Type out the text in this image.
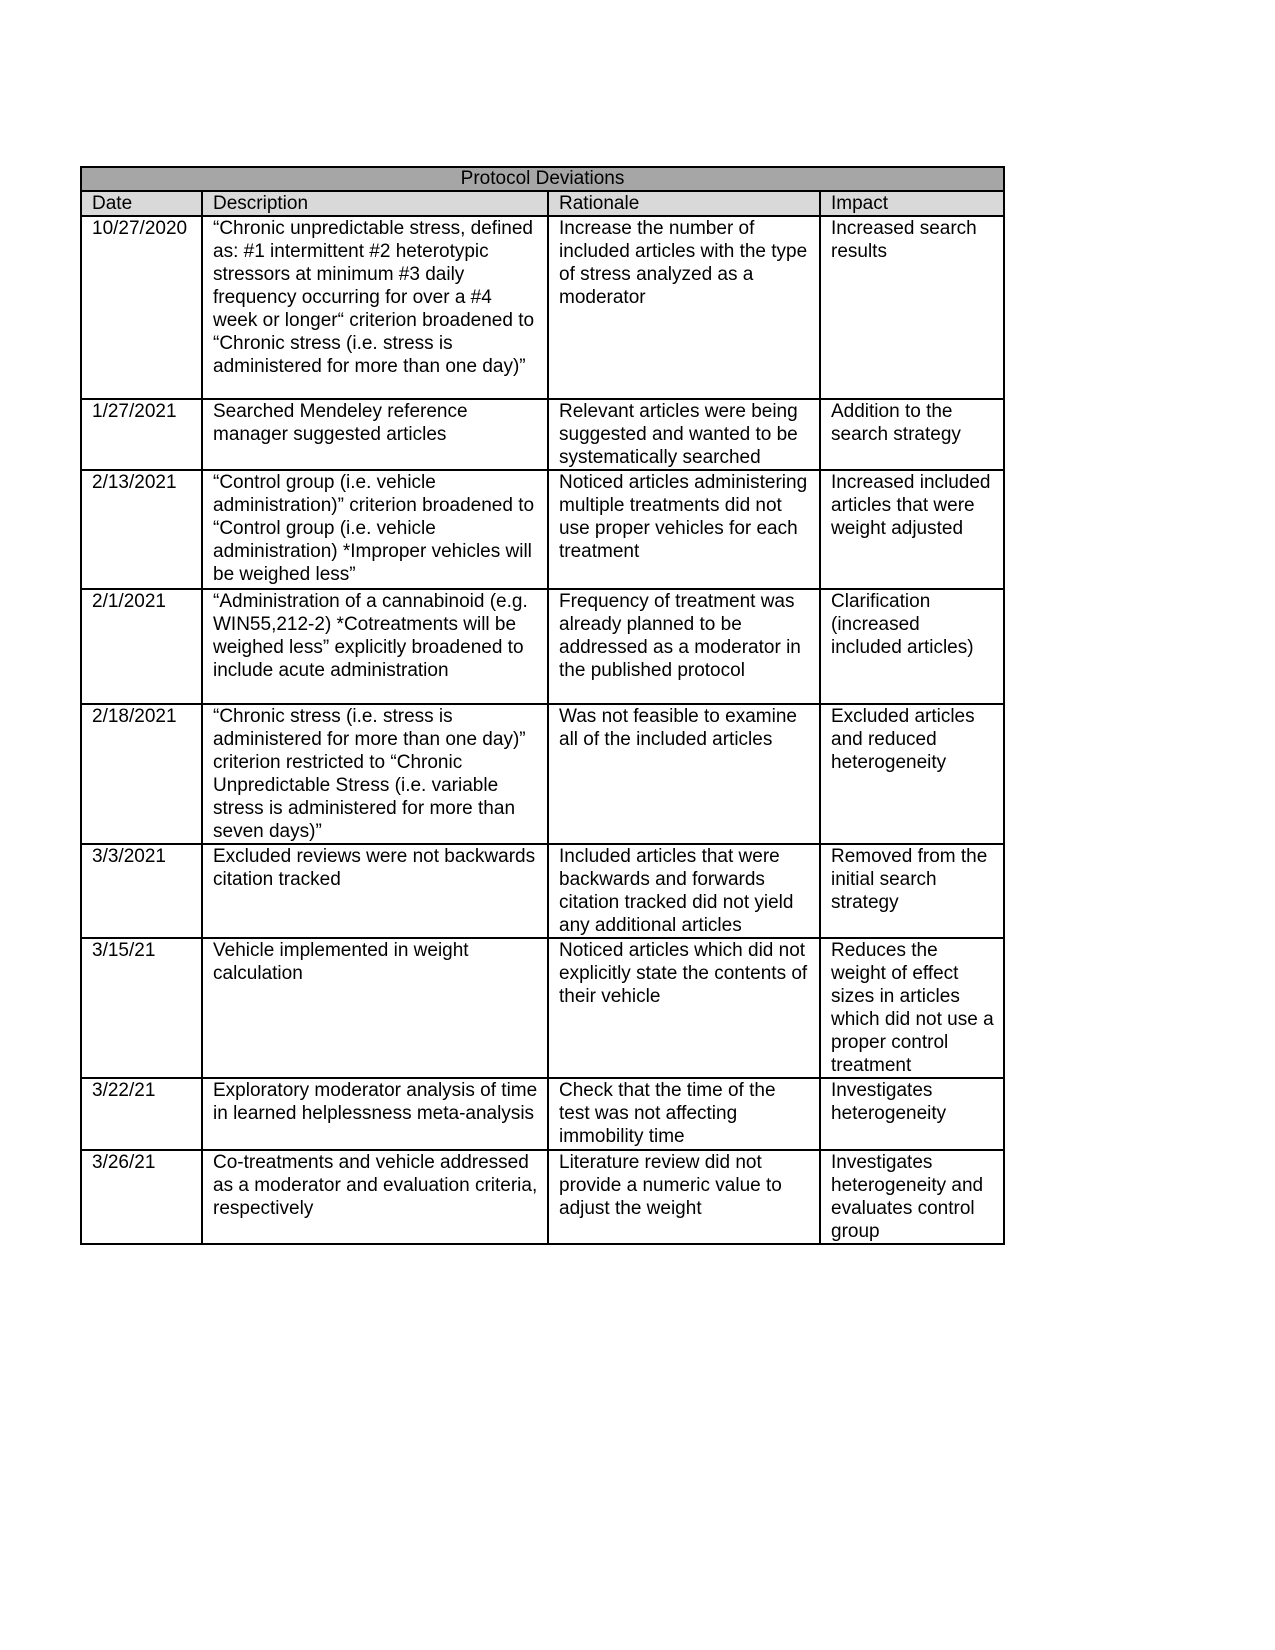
Protocol Deviations			
Date	Description	Rationale	Impact
10/27/2020	“Chronic unpredictable stress, defined as: #1 intermittent #2 heterotypic stressors at minimum #3 daily frequency occurring for over a #4 week or longer“ criterion broadened to “Chronic stress (i.e. stress is administered for more than one day)”	Increase the number of included articles with the type of stress analyzed as a moderator	Increased search results
1/27/2021	Searched Mendeley reference manager suggested articles	Relevant articles were being suggested and wanted to be systematically searched	Addition to the search strategy
2/13/2021	“Control group (i.e. vehicle administration)” criterion broadened to “Control group (i.e. vehicle administration) *Improper vehicles will be weighed less”	Noticed articles administering multiple treatments did not use proper vehicles for each treatment	Increased included articles that were weight adjusted
2/1/2021	“Administration of a cannabinoid (e.g. WIN55,212-2) *Cotreatments will be weighed less” explicitly broadened to include acute administration	Frequency of treatment was already planned to be addressed as a moderator in the published protocol	Clarification (increased included articles)
2/18/2021	“Chronic stress (i.e. stress is administered for more than one day)” criterion restricted to “Chronic Unpredictable Stress (i.e. variable stress is administered for more than seven days)”	Was not feasible to examine all of the included articles	Excluded articles and reduced heterogeneity
3/3/2021	Excluded reviews were not backwards citation tracked	Included articles that were backwards and forwards citation tracked did not yield any additional articles	Removed from the initial search strategy
3/15/21	Vehicle implemented in weight calculation	Noticed articles which did not explicitly state the contents of their vehicle	Reduces the weight of effect sizes in articles which did not use a proper control treatment
3/22/21	Exploratory moderator analysis of time in learned helplessness meta-analysis	Check that the time of the test was not affecting immobility time	Investigates heterogeneity
3/26/21	Co-treatments and vehicle addressed as a moderator and evaluation criteria, respectively	Literature review did not provide a numeric value to adjust the weight	Investigates heterogeneity and evaluates control group
